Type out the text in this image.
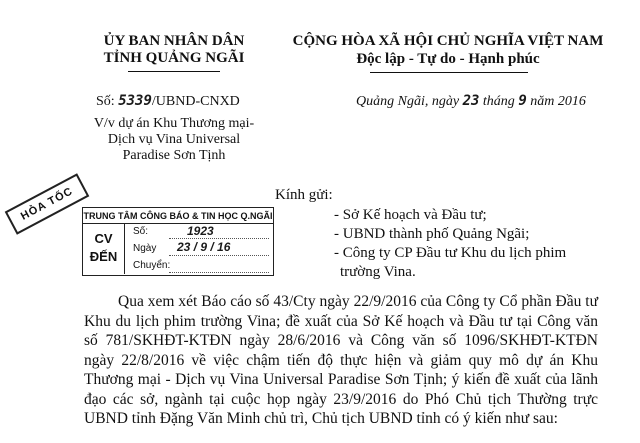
ỦY BAN NHÂN DÂN
TỈNH QUẢNG NGÃI
CỘNG HÒA XÃ HỘI CHỦ NGHĨA VIỆT NAM
Độc lập - Tự do - Hạnh phúc
Số: 5339/UBND-CNXD	Quảng Ngãi, ngày 23 tháng 9 năm 2016
V/v dự án Khu Thương mại-
Dịch vụ Vina Universal
Paradise Sơn Tịnh
HỎA TỐC TRUNG TÂM CÔNG BÁO & TIN HỌC Q.NGÃI
CV
ĐẾN
Số:	1923
Ngày 23 / 9 / 16
Chuyển:
Kính gửi:
- Sở Kế hoạch và Đầu tư;
- UBND thành phố Quảng Ngãi;
- Công ty CP Đầu tư Khu du lịch phim
trường Vina.
Qua xem xét Báo cáo số 43/Cty ngày 22/9/2016 của Công ty Cổ phần Đầu tư Khu du lịch phim trường Vina; đề xuất của Sở Kế hoạch và Đầu tư tại Công văn số 781/SKHĐT-KTĐN ngày 28/6/2016 và Công văn số 1096/SKHĐT-KTĐN ngày 22/8/2016 về việc chậm tiến độ thực hiện và giảm quy mô dự án Khu Thương mại - Dịch vụ Vina Universal Paradise Sơn Tịnh; ý kiến đề xuất của lãnh đạo các sở, ngành tại cuộc họp ngày 23/9/2016 do Phó Chủ tịch Thường trực UBND tỉnh Đặng Văn Minh chủ trì, Chủ tịch UBND tỉnh có ý kiến như sau:
